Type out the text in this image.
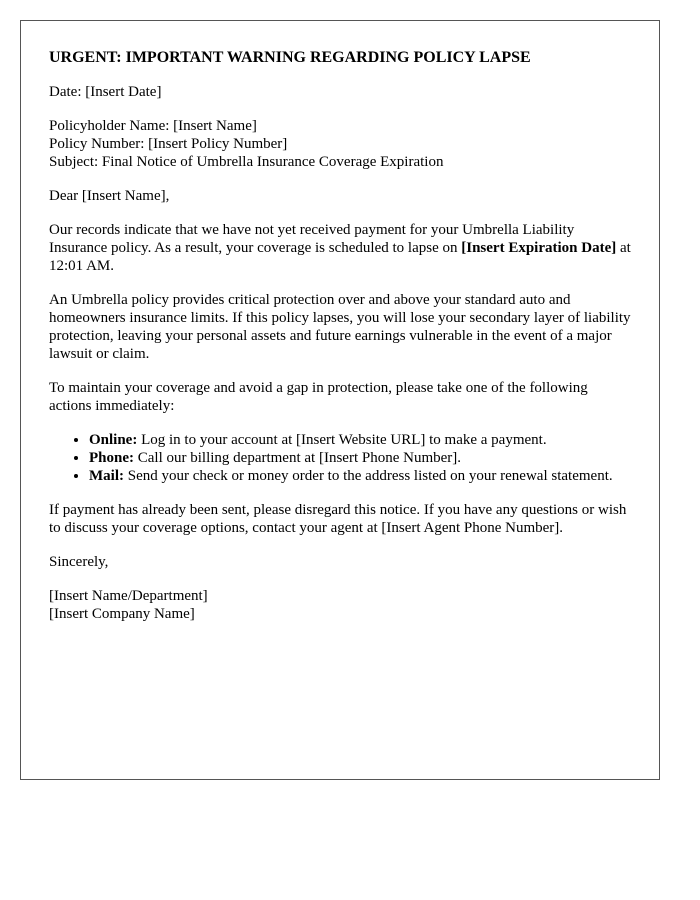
URGENT: IMPORTANT WARNING REGARDING POLICY LAPSE

Date: [Insert Date]

Policyholder Name: [Insert Name]
Policy Number: [Insert Policy Number]
Subject: Final Notice of Umbrella Insurance Coverage Expiration

Dear [Insert Name],

Our records indicate that we have not yet received payment for your Umbrella Liability Insurance policy. As a result, your coverage is scheduled to lapse on [Insert Expiration Date] at 12:01 AM.

An Umbrella policy provides critical protection over and above your standard auto and homeowners insurance limits. If this policy lapses, you will lose your secondary layer of liability protection, leaving your personal assets and future earnings vulnerable in the event of a major lawsuit or claim.

To maintain your coverage and avoid a gap in protection, please take one of the following actions immediately:

• Online: Log in to your account at [Insert Website URL] to make a payment.
• Phone: Call our billing department at [Insert Phone Number].
• Mail: Send your check or money order to the address listed on your renewal statement.

If payment has already been sent, please disregard this notice. If you have any questions or wish to discuss your coverage options, contact your agent at [Insert Agent Phone Number].

Sincerely,

[Insert Name/Department]
[Insert Company Name]
